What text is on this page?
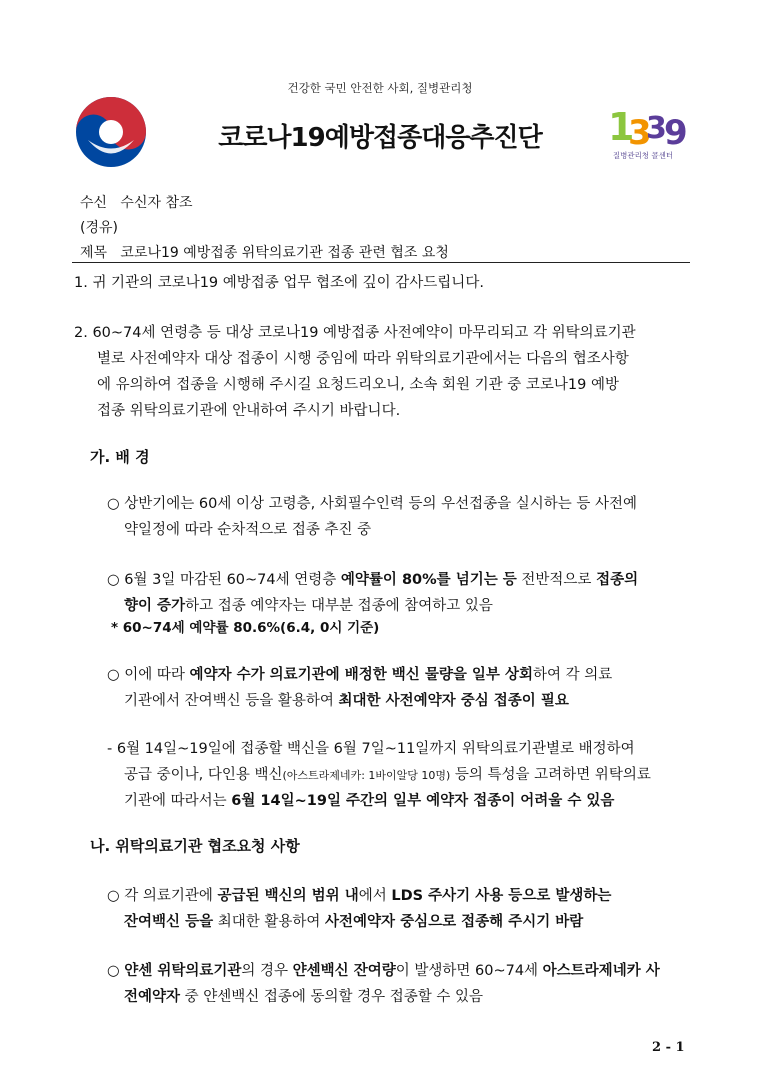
건강한 국민 안전한 사회, 질병관리청
코로나19예방접종대응추진단	1
3
3
9
질병관리청 콜센터
수신 수신자 참조
(경유)
제목 코로나19 예방접종 위탁의료기관 접종 관련 협조 요청
1. 귀 기관의 코로나19 예방접종 업무 협조에 깊이 감사드립니다.
2. 60~74세 연령층 등 대상 코로나19 예방접종 사전예약이 마무리되고 각 위탁의료기관
별로 사전예약자 대상 접종이 시행 중임에 따라 위탁의료기관에서는 다음의 협조사항
에 유의하여 접종을 시행해 주시길 요청드리오니, 소속 회원 기관 중 코로나19 예방
접종 위탁의료기관에 안내하여 주시기 바랍니다.
가. 배 경
○ 상반기에는 60세 이상 고령층, 사회필수인력 등의 우선접종을 실시하는 등 사전예
약일정에 따라 순차적으로 접종 추진 중
○ 6월 3일 마감된 60~74세 연령층 예약률이 80%를 넘기는 등 전반적으로 접종의
향이 증가하고 접종 예약자는 대부분 접종에 참여하고 있음
* 60~74세 예약률 80.6%(6.4, 0시 기준)
○ 이에 따라 예약자 수가 의료기관에 배정한 백신 물량을 일부 상회하여 각 의료
기관에서 잔여백신 등을 활용하여 최대한 사전예약자 중심 접종이 필요
- 6월 14일~19일에 접종할 백신을 6월 7일~11일까지 위탁의료기관별로 배정하여
공급 중이나, 다인용 백신(아스트라제네카: 1바이알당 10명) 등의 특성을 고려하면 위탁의료
기관에 따라서는 6월 14일~19일 주간의 일부 예약자 접종이 어려울 수 있음
나. 위탁의료기관 협조요청 사항
○ 각 의료기관에 공급된 백신의 범위 내에서 LDS 주사기 사용 등으로 발생하는
잔여백신 등을 최대한 활용하여 사전예약자 중심으로 접종해 주시기 바람
○ 얀센 위탁의료기관의 경우 얀센백신 잔여량이 발생하면 60~74세 아스트라제네카 사
전예약자 중 얀센백신 접종에 동의할 경우 접종할 수 있음
2 - 1
